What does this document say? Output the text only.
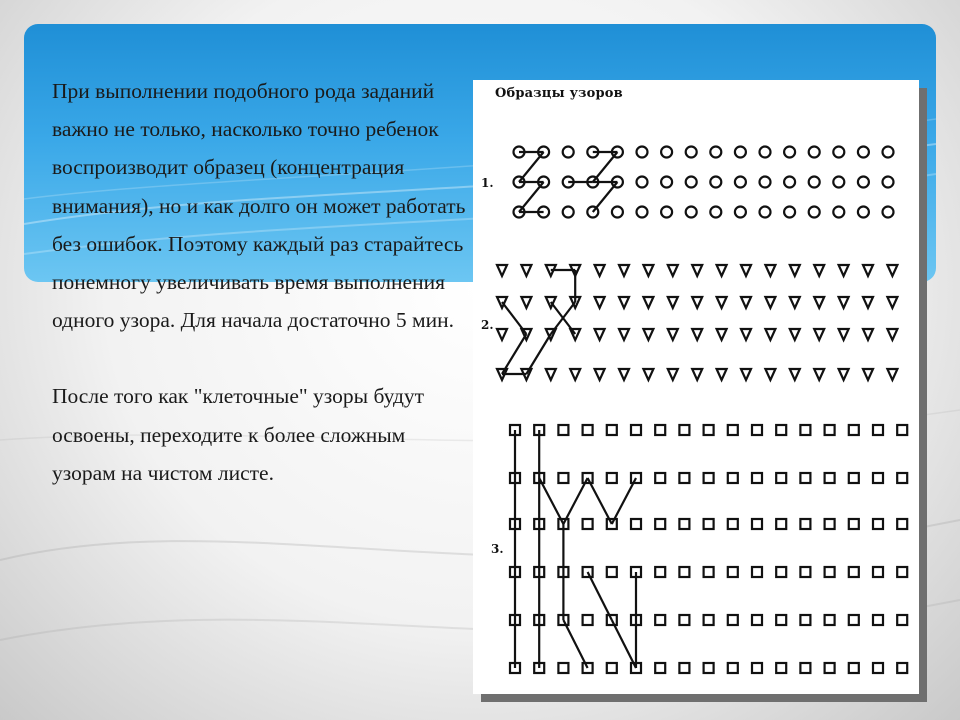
При выполнении подобного рода заданий важно не только, насколько точно ребенок воспроизводит образец (концентрация внимания), но и как долго он может работать без ошибок. Поэтому каждый раз старайтесь понемногу увеличивать время выполнения одного узора. Для начала достаточно 5 мин.

После того как "клеточные" узоры будут освоены, переходите к более сложным узорам на чистом листе.

Образцы узоров
1.
2.
3.
